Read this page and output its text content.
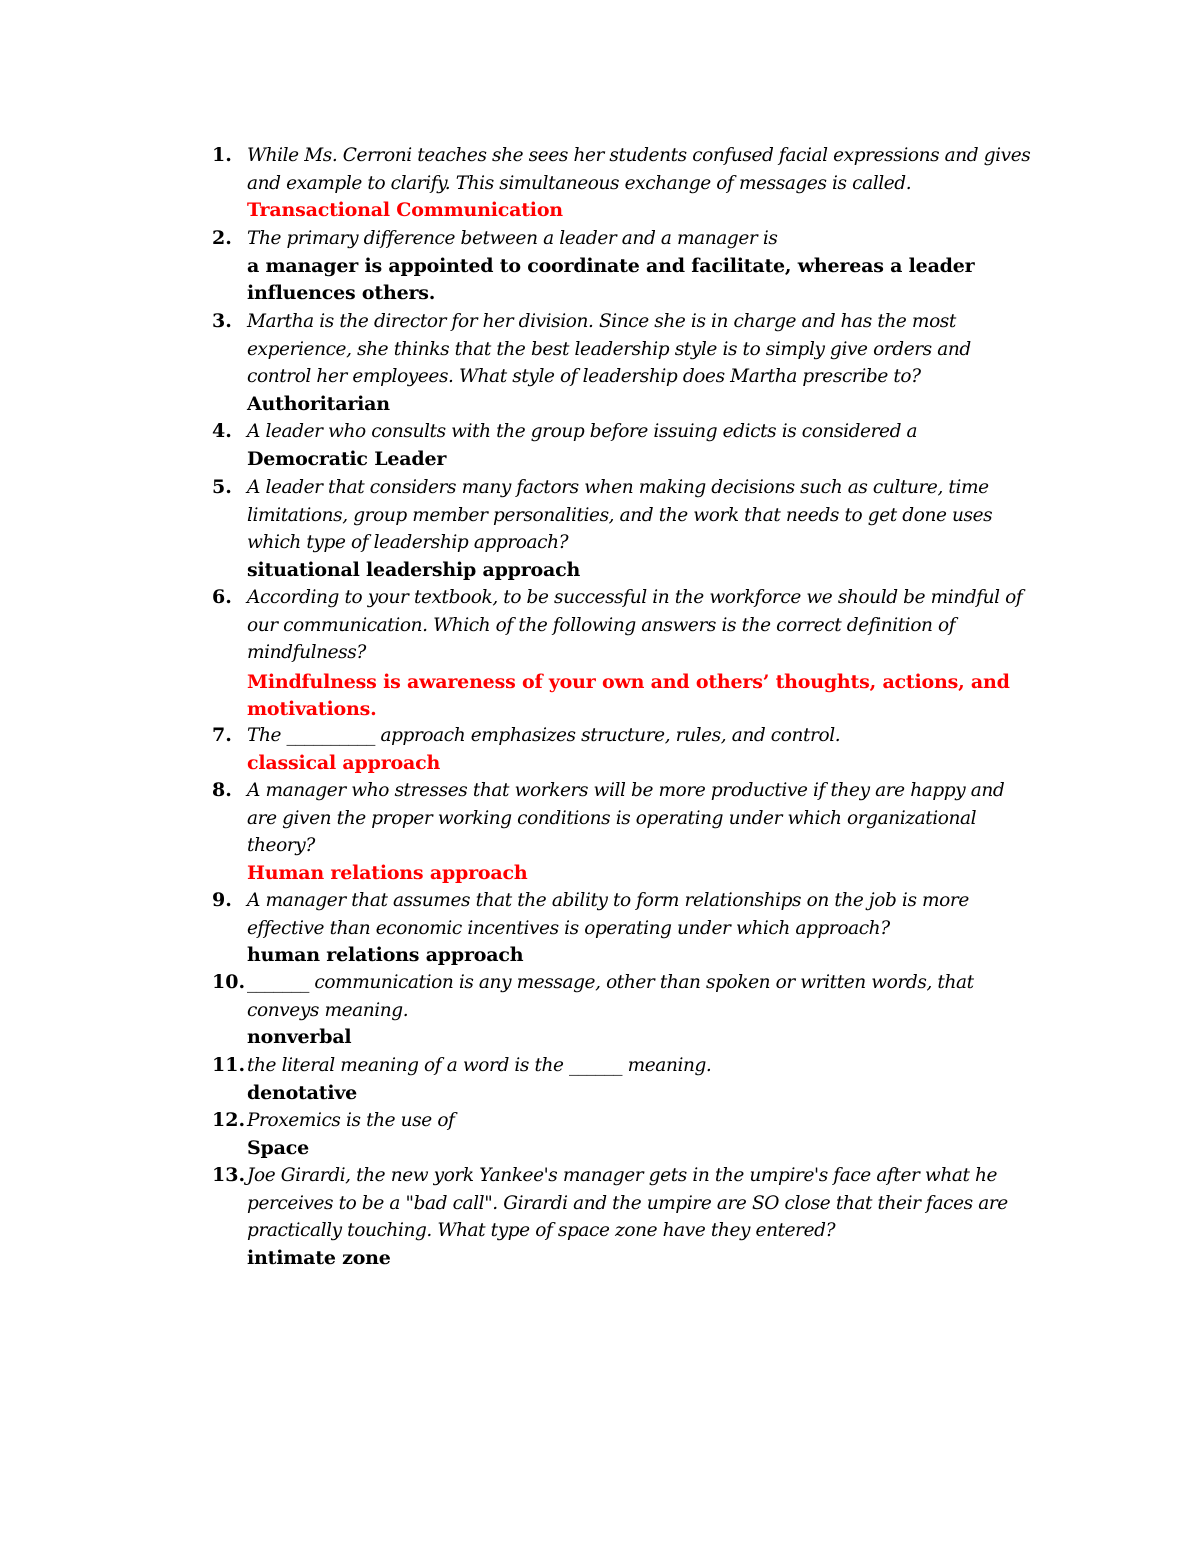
1. While Ms. Cerroni teaches she sees her students confused facial expressions and gives and example to clarify. This simultaneous exchange of messages is called.
Transactional Communication
2. The primary difference between a leader and a manager is
a manager is appointed to coordinate and facilitate, whereas a leader influences others.
3. Martha is the director for her division. Since she is in charge and has the most experience, she thinks that the best leadership style is to simply give orders and control her employees. What style of leadership does Martha prescribe to?
Authoritarian
4. A leader who consults with the group before issuing edicts is considered a
Democratic Leader
5. A leader that considers many factors when making decisions such as culture, time limitations, group member personalities, and the work that needs to get done uses which type of leadership approach?
situational leadership approach
6. According to your textbook, to be successful in the workforce we should be mindful of our communication. Which of the following answers is the correct definition of mindfulness?
Mindfulness is awareness of your own and others’ thoughts, actions, and motivations.
7. The __________ approach emphasizes structure, rules, and control.
classical approach
8. A manager who stresses that workers will be more productive if they are happy and are given the proper working conditions is operating under which organizational theory?
Human relations approach
9. A manager that assumes that the ability to form relationships on the job is more effective than economic incentives is operating under which approach?
human relations approach
10. _______ communication is any message, other than spoken or written words, that conveys meaning.
nonverbal
11. the literal meaning of a word is the ______ meaning.
denotative
12. Proxemics is the use of
Space
13. Joe Girardi, the new york Yankee's manager gets in the umpire's face after what he perceives to be a "bad call". Girardi and the umpire are SO close that their faces are practically touching. What type of space zone have they entered?
intimate zone
